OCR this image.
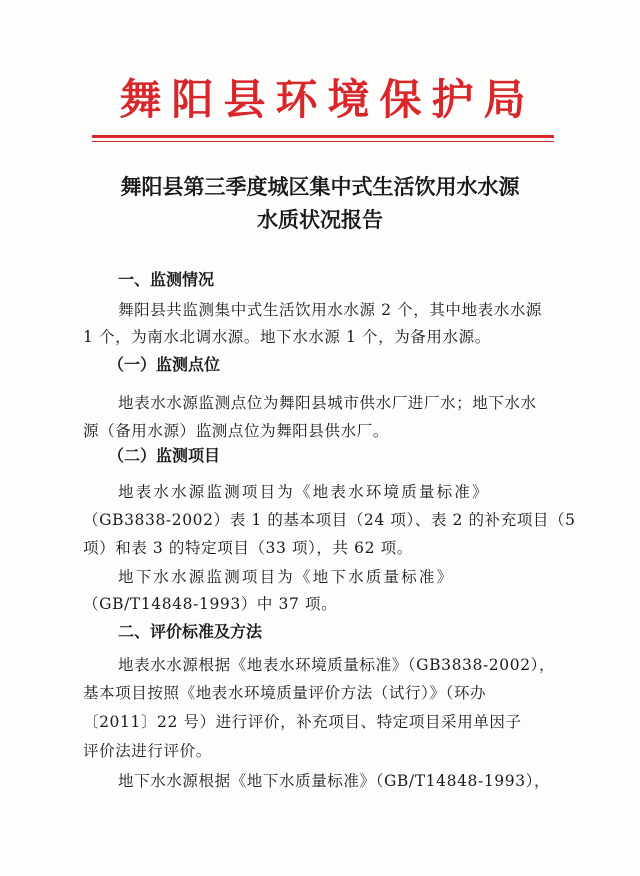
舞阳县环境保护局
舞阳县第三季度城区集中式生活饮用水水源
水质状况报告
一、监测情况
舞阳县共监测集中式生活饮用水水源 2 个，其中地表水水源
1 个，为南水北调水源。地下水水源 1 个，为备用水源。
（一）监测点位
地表水水源监测点位为舞阳县城市供水厂进厂水；地下水水
源（备用水源）监测点位为舞阳县供水厂。
（二）监测项目
地表水水源监测项目为《地表水环境质量标准》
（GB3838-2002）表 1 的基本项目（24 项）、表 2 的补充项目（5
项）和表 3 的特定项目（33 项），共 62 项。
地下水水源监测项目为《地下水质量标准》
（GB/T14848-1993）中 37 项。
二、评价标准及方法
地表水水源根据《地表水环境质量标准》（GB3838-2002），
基本项目按照《地表水环境质量评价方法（试行）》（环办
〔2011〕22 号）进行评价，补充项目、特定项目采用单因子
评价法进行评价。
地下水水源根据《地下水质量标准》（GB/T14848-1993），
